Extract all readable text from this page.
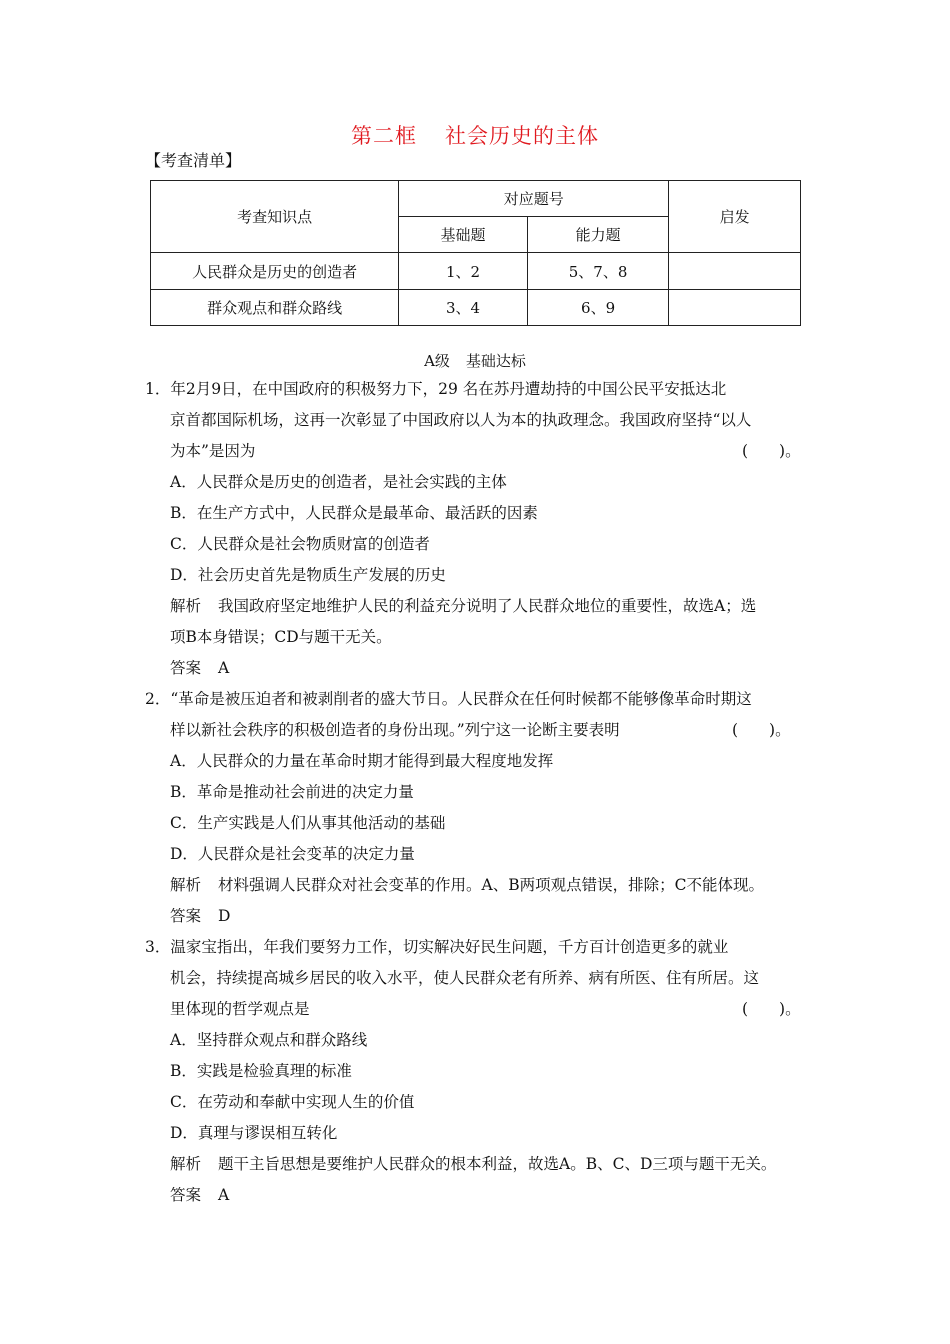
第二框 社会历史的主体
【考查清单】
考查知识点	对应题号		启发
	基础题	能力题	
人民群众是历史的创造者	1、2	5、7、8	
群众观点和群众路线	3、4	6、9	
A级 基础达标
1．年2月9日，在中国政府的积极努力下，29 名在苏丹遭劫持的中国公民平安抵达北
京首都国际机场，这再一次彰显了中国政府以人为本的执政理念。我国政府坚持“以人
为本”是因为	(　　)。
A．人民群众是历史的创造者，是社会实践的主体
B．在生产方式中，人民群众是最革命、最活跃的因素
C．人民群众是社会物质财富的创造者
D．社会历史首先是物质生产发展的历史
解析 我国政府坚定地维护人民的利益充分说明了人民群众地位的重要性，故选A；选
项B本身错误；CD与题干无关。
答案 A
2．“革命是被压迫者和被剥削者的盛大节日。人民群众在任何时候都不能够像革命时期这
样以新社会秩序的积极创造者的身份出现。”列宁这一论断主要表明	(　　)。
A．人民群众的力量在革命时期才能得到最大程度地发挥
B．革命是推动社会前进的决定力量
C．生产实践是人们从事其他活动的基础
D．人民群众是社会变革的决定力量
解析 材料强调人民群众对社会变革的作用。A、B两项观点错误，排除；C不能体现。
答案 D
3．温家宝指出，年我们要努力工作，切实解决好民生问题，千方百计创造更多的就业
机会，持续提高城乡居民的收入水平，使人民群众老有所养、病有所医、住有所居。这
里体现的哲学观点是	(　　)。
A．坚持群众观点和群众路线
B．实践是检验真理的标准
C．在劳动和奉献中实现人生的价值
D．真理与谬误相互转化
解析 题干主旨思想是要维护人民群众的根本利益，故选A。B、C、D三项与题干无关。
答案 A
